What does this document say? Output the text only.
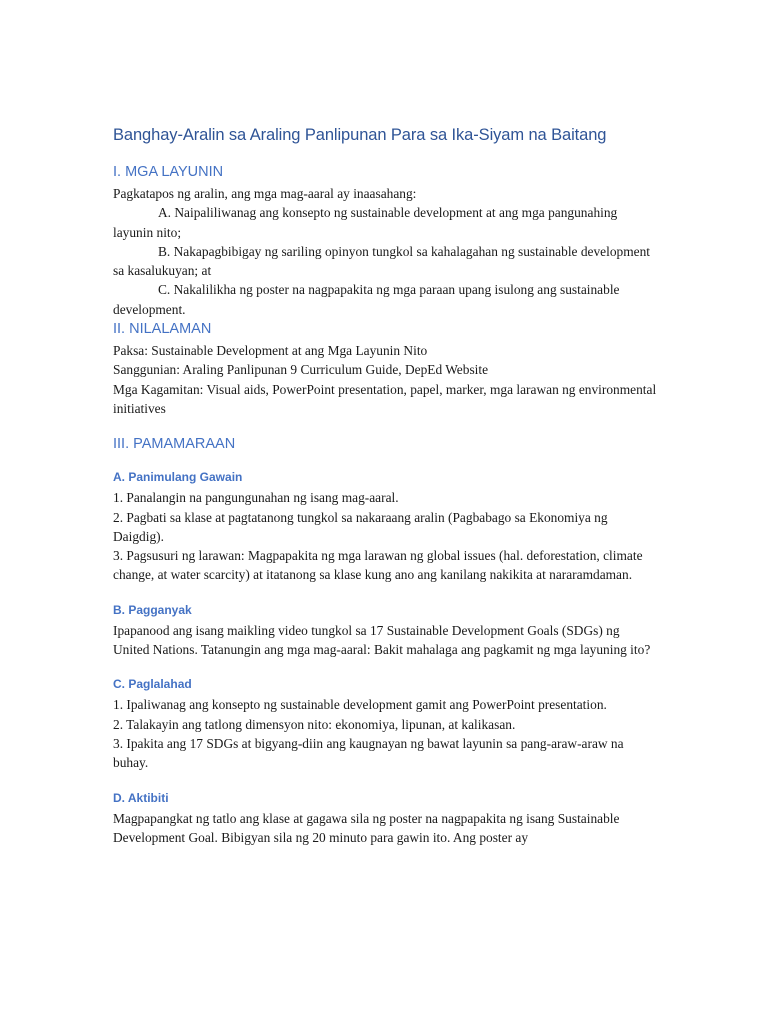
Banghay-Aralin sa Araling Panlipunan Para sa Ika-Siyam na Baitang
I. MGA LAYUNIN

Pagkatapos ng aralin, ang mga mag-aaral ay inaasahang:

A. Naipaliliwanag ang konsepto ng sustainable development at ang mga pangunahing layunin nito;

B. Nakapagbibigay ng sariling opinyon tungkol sa kahalagahan ng sustainable development sa kasalukuyan; at

C. Nakalilikha ng poster na nagpapakita ng mga paraan upang isulong ang sustainable development.

II. NILALAMAN

Paksa: Sustainable Development at ang Mga Layunin Nito

Sanggunian: Araling Panlipunan 9 Curriculum Guide, DepEd Website

Mga Kagamitan: Visual aids, PowerPoint presentation, papel, marker, mga larawan ng environmental initiatives

III. PAMAMARAAN
A. Panimulang Gawain

1. Panalangin na pangungunahan ng isang mag-aaral.

2. Pagbati sa klase at pagtatanong tungkol sa nakaraang aralin (Pagbabago sa Ekonomiya ng Daigdig).

3. Pagsusuri ng larawan: Magpapakita ng mga larawan ng global issues (hal. deforestation, climate change, at water scarcity) at itatanong sa klase kung ano ang kanilang nakikita at nararamdaman.

B. Pagganyak

Ipapanood ang isang maikling video tungkol sa 17 Sustainable Development Goals (SDGs) ng United Nations. Tatanungin ang mga mag-aaral: Bakit mahalaga ang pagkamit ng mga layuning ito?

C. Paglalahad

1. Ipaliwanag ang konsepto ng sustainable development gamit ang PowerPoint presentation.

2. Talakayin ang tatlong dimensyon nito: ekonomiya, lipunan, at kalikasan.

3. Ipakita ang 17 SDGs at bigyang-diin ang kaugnayan ng bawat layunin sa pang-araw-araw na buhay.

D. Aktibiti

Magpapangkat ng tatlo ang klase at gagawa sila ng poster na nagpapakita ng isang Sustainable Development Goal. Bibigyan sila ng 20 minuto para gawin ito. Ang poster ay
